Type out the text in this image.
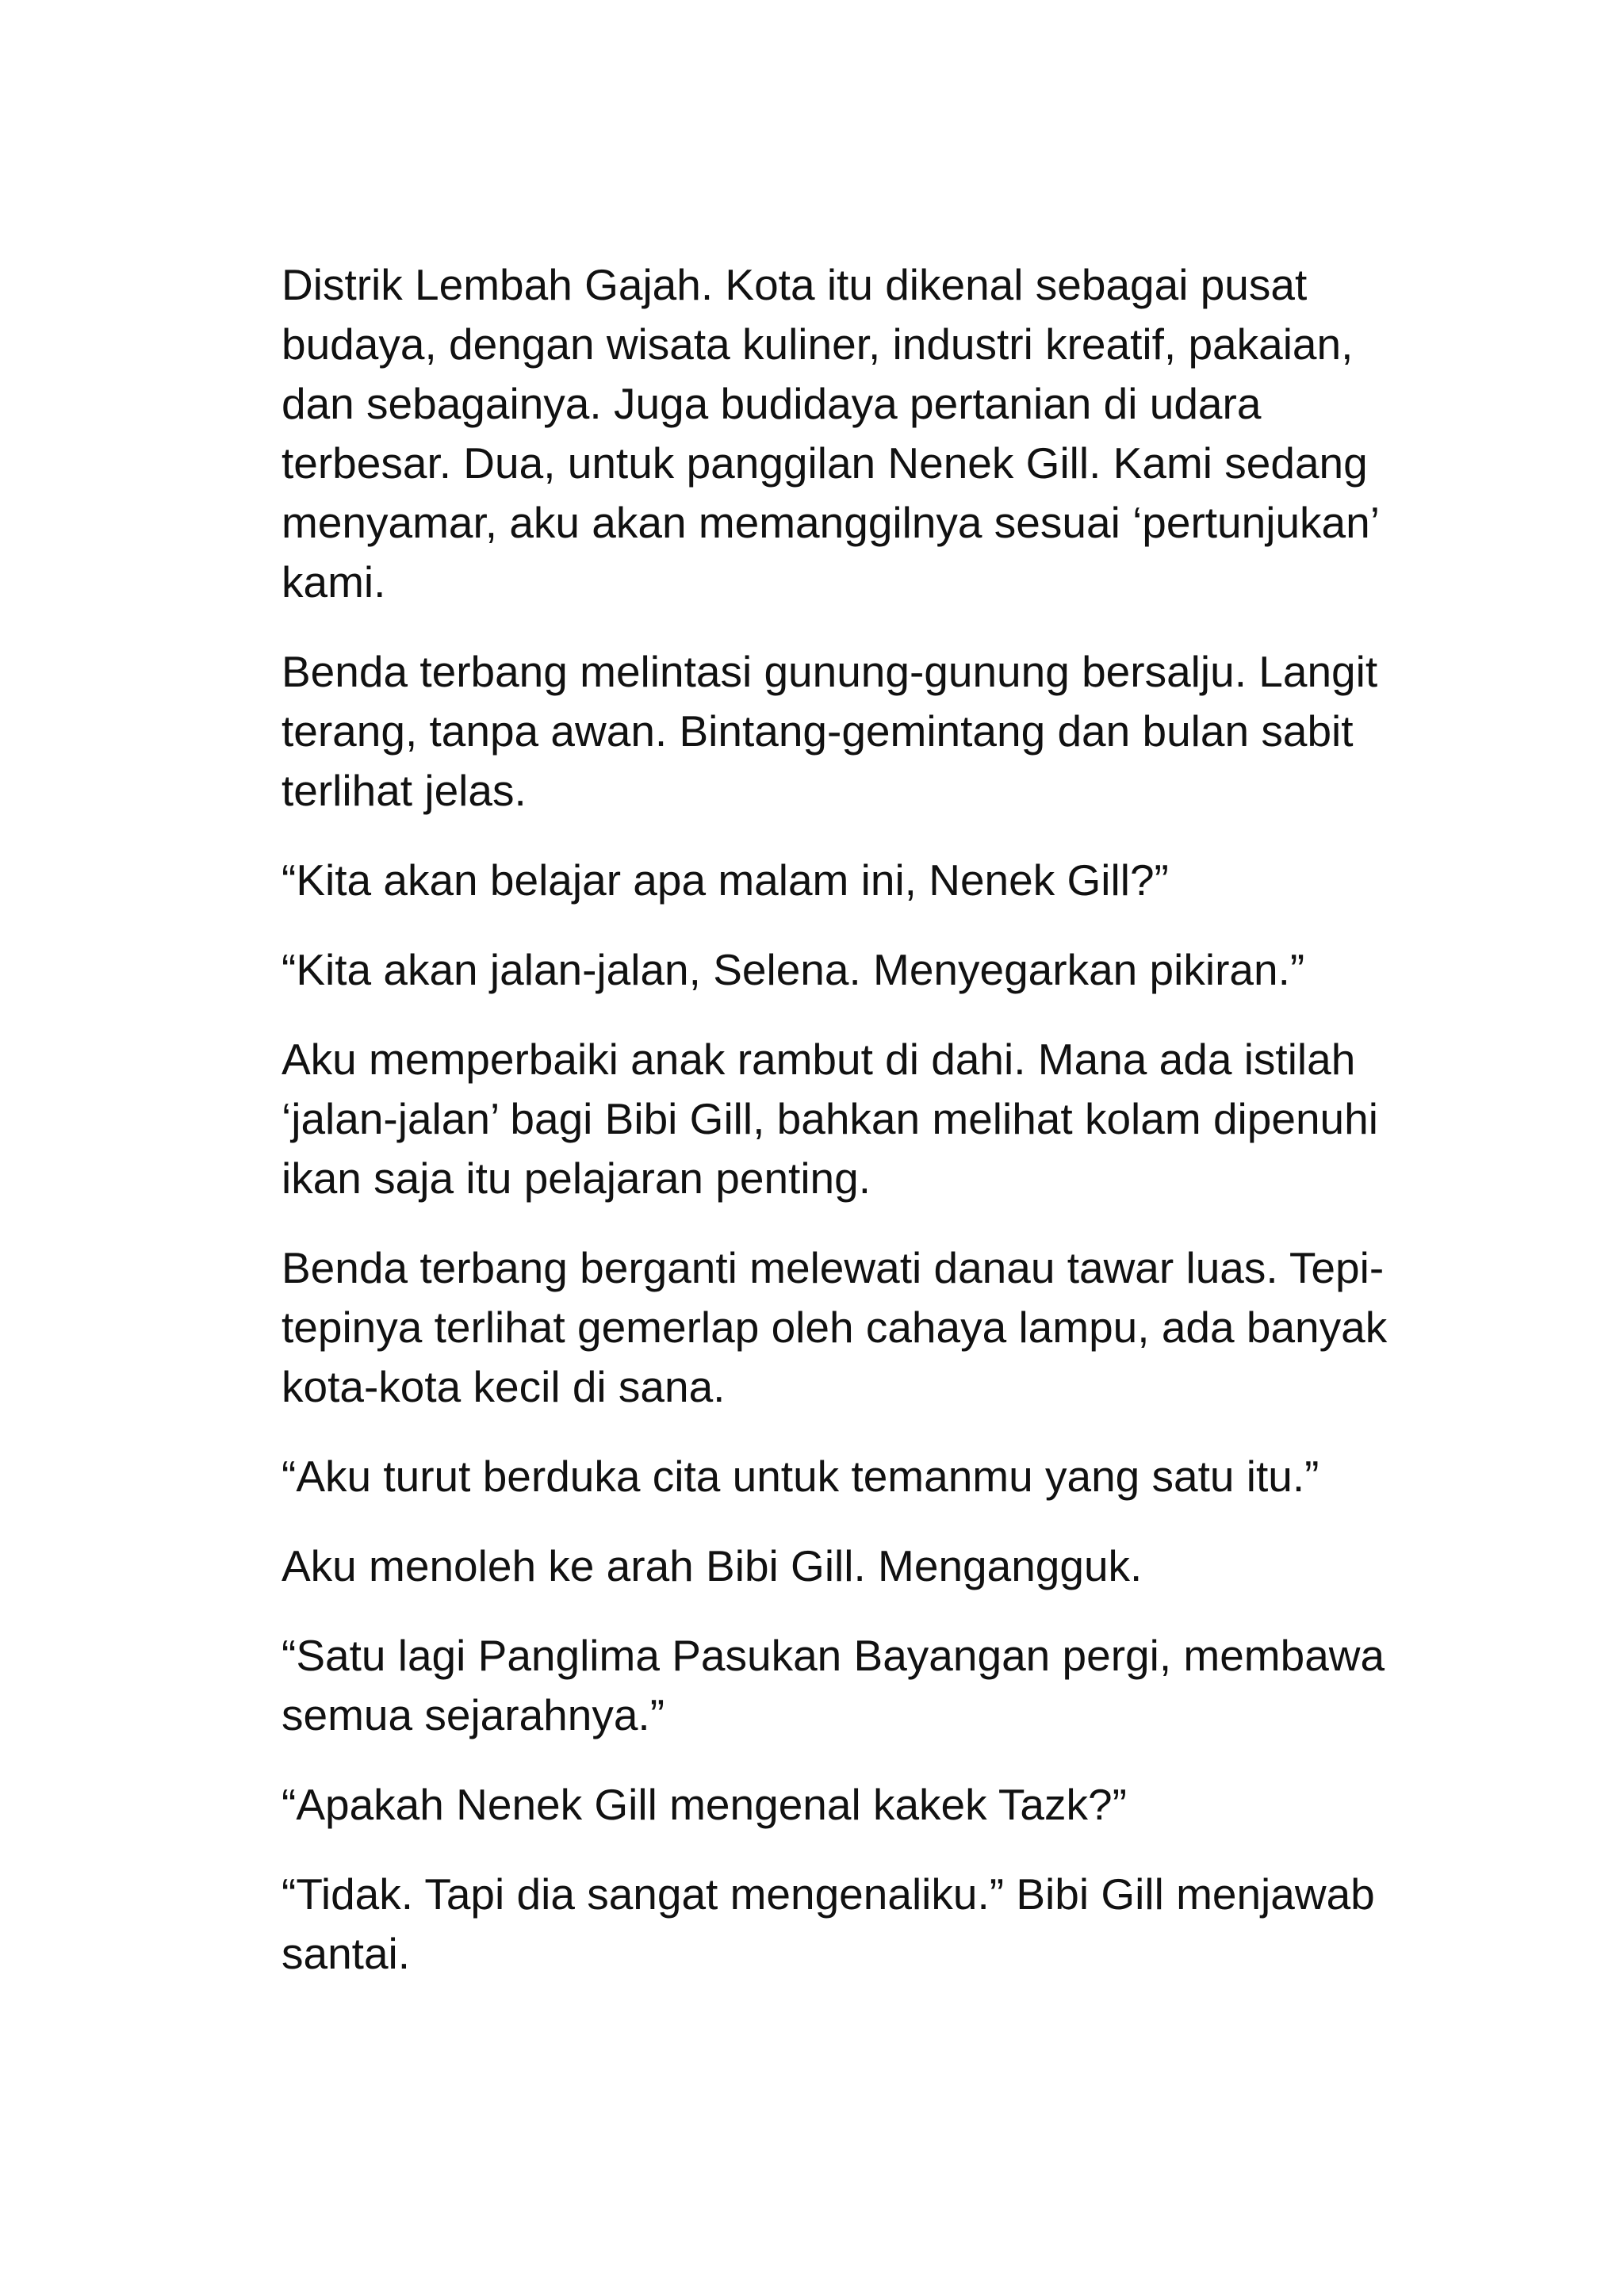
Distrik Lembah Gajah. Kota itu dikenal sebagai pusat budaya, dengan wisata kuliner, industri kreatif, pakaian, dan sebagainya. Juga budidaya pertanian di udara terbesar. Dua, untuk panggilan Nenek Gill. Kami sedang menyamar, aku akan memanggilnya sesuai ‘pertunjukan’ kami.

Benda terbang melintasi gunung-gunung bersalju. Langit terang, tanpa awan. Bintang-gemintang dan bulan sabit terlihat jelas.

“Kita akan belajar apa malam ini, Nenek Gill?”

“Kita akan jalan-jalan, Selena. Menyegarkan pikiran.”

Aku memperbaiki anak rambut di dahi. Mana ada istilah ‘jalan-jalan’ bagi Bibi Gill, bahkan melihat kolam dipenuhi ikan saja itu pelajaran penting.

Benda terbang berganti melewati danau tawar luas. Tepi-tepinya terlihat gemerlap oleh cahaya lampu, ada banyak kota-kota kecil di sana.

“Aku turut berduka cita untuk temanmu yang satu itu.”

Aku menoleh ke arah Bibi Gill. Mengangguk.

“Satu lagi Panglima Pasukan Bayangan pergi, membawa semua sejarahnya.”

“Apakah Nenek Gill mengenal kakek Tazk?”

“Tidak. Tapi dia sangat mengenaliku.” Bibi Gill menjawab santai.
